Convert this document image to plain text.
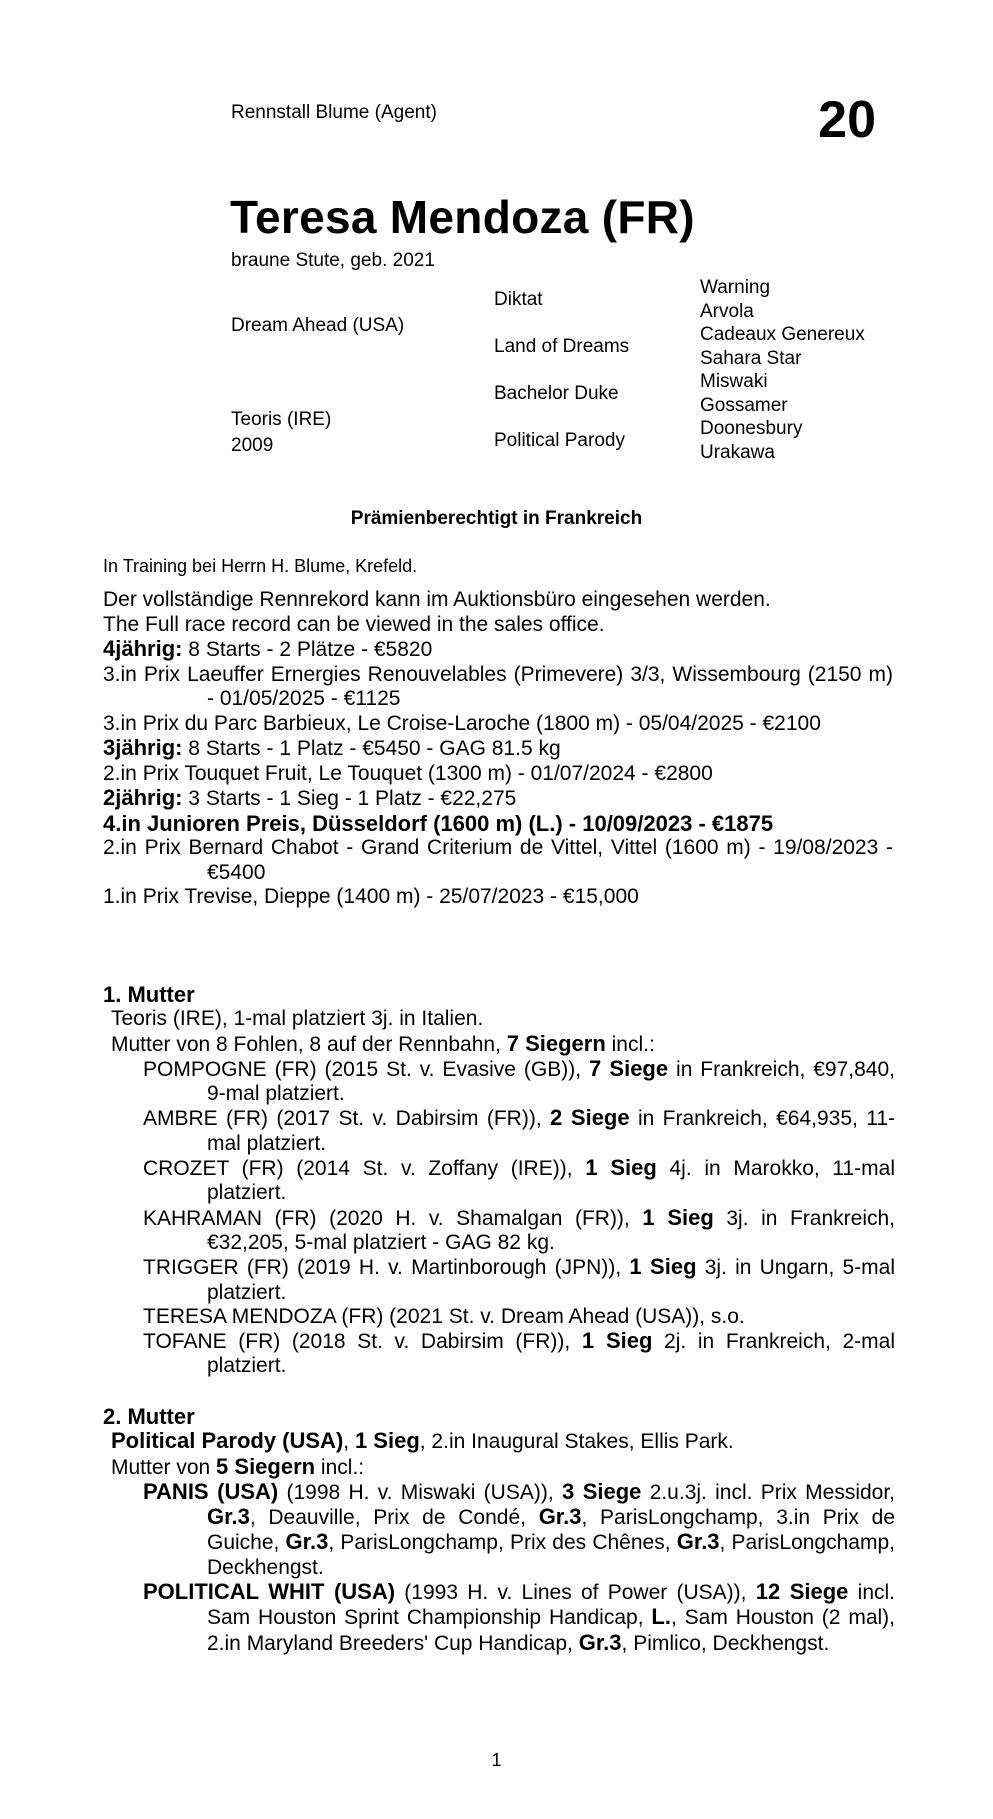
Rennstall Blume (Agent)	20
Teresa Mendoza (FR)
braune Stute, geb. 2021
Dream Ahead (USA)
Teoris (IRE)
2009
Diktat
Land of Dreams
Bachelor Duke
Political Parody
Warning
Arvola
Cadeaux Genereux
Sahara Star
Miswaki
Gossamer
Doonesbury
Urakawa
Prämienberechtigt in Frankreich
In Training bei Herrn H. Blume, Krefeld.
Der vollständige Rennrekord kann im Auktionsbüro eingesehen werden.
The Full race record can be viewed in the sales office.
4jährig: 8 Starts - 2 Plätze - €5820
3.in Prix Laeuffer Ernergies Renouvelables (Primevere) 3/3, Wissembourg (2150 m) - 01/05/2025 - €1125
3.in Prix du Parc Barbieux, Le Croise-Laroche (1800 m) - 05/04/2025 - €2100
3jährig: 8 Starts - 1 Platz - €5450 - GAG 81.5 kg
2.in Prix Touquet Fruit, Le Touquet (1300 m) - 01/07/2024 - €2800
2jährig: 3 Starts - 1 Sieg - 1 Platz - €22,275
4.in Junioren Preis, Düsseldorf (1600 m) (L.) - 10/09/2023 - €1875
2.in Prix Bernard Chabot - Grand Criterium de Vittel, Vittel (1600 m) - 19/08/2023 - €5400
1.in Prix Trevise, Dieppe (1400 m) - 25/07/2023 - €15,000
1. Mutter
Teoris (IRE), 1-mal platziert 3j. in Italien.
Mutter von 8 Fohlen, 8 auf der Rennbahn, 7 Siegern incl.:
POMPOGNE (FR) (2015 St. v. Evasive (GB)), 7 Siege in Frankreich, €97,840, 9-mal platziert.
AMBRE (FR) (2017 St. v. Dabirsim (FR)), 2 Siege in Frankreich, €64,935, 11-mal platziert.
CROZET (FR) (2014 St. v. Zoffany (IRE)), 1 Sieg 4j. in Marokko, 11-mal platziert.
KAHRAMAN (FR) (2020 H. v. Shamalgan (FR)), 1 Sieg 3j. in Frankreich, €32,205, 5-mal platziert - GAG 82 kg.
TRIGGER (FR) (2019 H. v. Martinborough (JPN)), 1 Sieg 3j. in Ungarn, 5-mal platziert.
TERESA MENDOZA (FR) (2021 St. v. Dream Ahead (USA)), s.o.
TOFANE (FR) (2018 St. v. Dabirsim (FR)), 1 Sieg 2j. in Frankreich, 2-mal platziert.
2. Mutter
Political Parody (USA), 1 Sieg, 2.in Inaugural Stakes, Ellis Park.
Mutter von 5 Siegern incl.:
PANIS (USA) (1998 H. v. Miswaki (USA)), 3 Siege 2.u.3j. incl. Prix Messidor, Gr.3, Deauville, Prix de Condé, Gr.3, ParisLongchamp, 3.in Prix de Guiche, Gr.3, ParisLongchamp, Prix des Chênes, Gr.3, ParisLongchamp, Deckhengst.
POLITICAL WHIT (USA) (1993 H. v. Lines of Power (USA)), 12 Siege incl. Sam Houston Sprint Championship Handicap, L., Sam Houston (2 mal), 2.in Maryland Breeders' Cup Handicap, Gr.3, Pimlico, Deckhengst.
1
